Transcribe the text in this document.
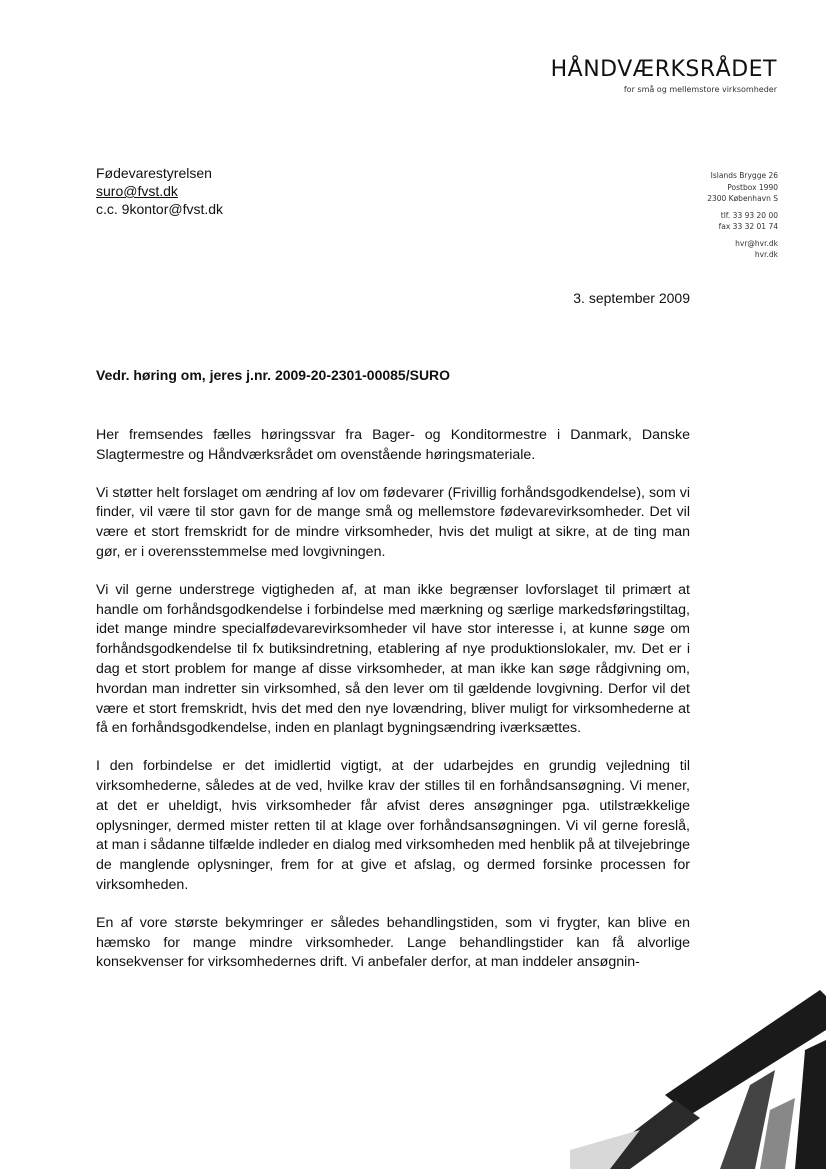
HÅNDVÆRKSRÅDET
for små og mellemstore virksomheder
Fødevarestyrelsen
suro@fvst.dk
c.c. 9kontor@fvst.dk
Islands Brygge 26
Postbox 1990
2300 København S
tlf. 33 93 20 00
fax 33 32 01 74
hvr@hvr.dk
hvr.dk
3. september 2009
Vedr. høring om, jeres j.nr. 2009-20-2301-00085/SURO

Her fremsendes fælles høringssvar fra Bager- og Konditormestre i Danmark, Danske Slagtermestre og Håndværksrådet om ovenstående høringsmateriale.

Vi støtter helt forslaget om ændring af lov om fødevarer (Frivillig forhåndsgodkendelse), som vi finder, vil være til stor gavn for de mange små og mellemstore fødevarevirksomheder. Det vil være et stort fremskridt for de mindre virksomheder, hvis det muligt at sikre, at de ting man gør, er i overensstemmelse med lovgivningen.

Vi vil gerne understrege vigtigheden af, at man ikke begrænser lovforslaget til primært at handle om forhåndsgodkendelse i forbindelse med mærkning og særlige markedsføringstiltag, idet mange mindre specialfødevarevirksomheder vil have stor interesse i, at kunne søge om forhåndsgodkendelse til fx butiksindretning, etablering af nye produktionslokaler, mv. Det er i dag et stort problem for mange af disse virksomheder, at man ikke kan søge rådgivning om, hvordan man indretter sin virksomhed, så den lever om til gældende lovgivning. Derfor vil det være et stort fremskridt, hvis det med den nye lovændring, bliver muligt for virksomhederne at få en forhåndsgodkendelse, inden en planlagt bygningsændring iværksættes.

I den forbindelse er det imidlertid vigtigt, at der udarbejdes en grundig vejledning til virksomhederne, således at de ved, hvilke krav der stilles til en forhåndsansøgning. Vi mener, at det er uheldigt, hvis virksomheder får afvist deres ansøgninger pga. utilstrækkelige oplysninger, dermed mister retten til at klage over forhåndsansøgningen. Vi vil gerne foreslå, at man i sådanne tilfælde indleder en dialog med virksomheden med henblik på at tilvejebringe de manglende oplysninger, frem for at give et afslag, og dermed forsinke processen for virksomheden.

En af vore største bekymringer er således behandlingstiden, som vi frygter, kan blive en hæmsko for mange mindre virksomheder. Lange behandlingstider kan få alvorlige konsekvenser for virksomhedernes drift. Vi anbefaler derfor, at man inddeler ansøgnin-
